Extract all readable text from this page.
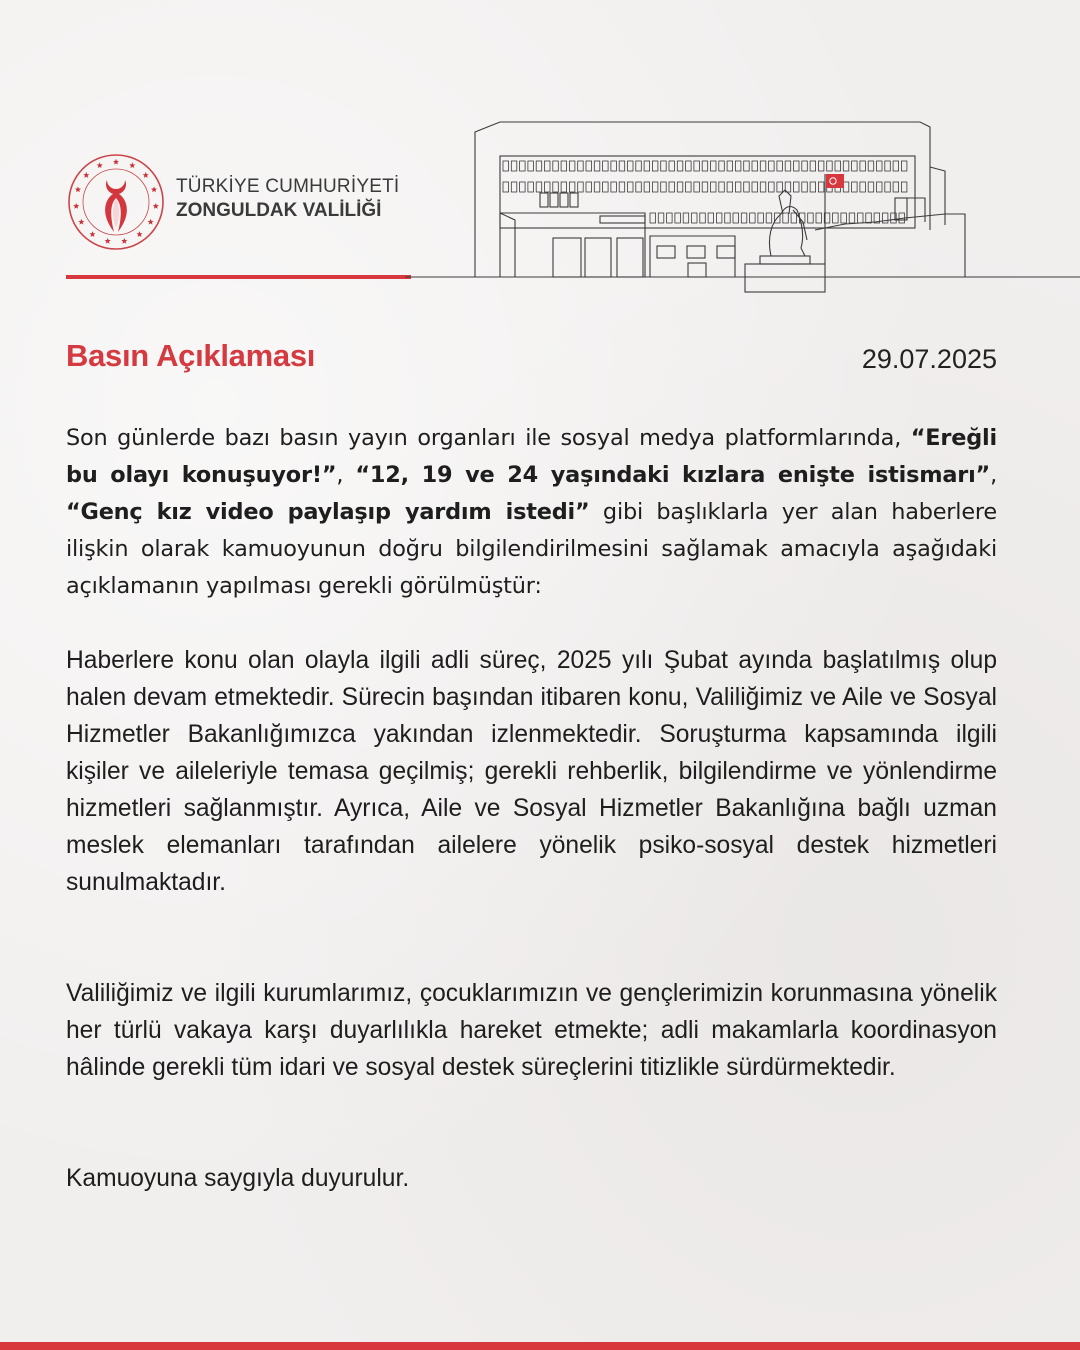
TÜRKİYE CUMHURİYETİ
ZONGULDAK VALİLİĞİ
Basın Açıklaması	29.07.2025
Son günlerde bazı basın yayın organları ile sosyal medya platformlarında, “Ereğli bu olayı konuşuyor!”, “12, 19 ve 24 yaşındaki kızlara enişte istismarı”, “Genç kız video paylaşıp yardım istedi” gibi başlıklarla yer alan haberlere ilişkin olarak kamuoyunun doğru bilgilendirilmesini sağlamak amacıyla aşağıdaki açıklamanın yapılması gerekli görülmüştür:
Haberlere konu olan olayla ilgili adli süreç, 2025 yılı Şubat ayında başlatılmış olup halen devam etmektedir. Sürecin başından itibaren konu, Valiliğimiz ve Aile ve Sosyal Hizmetler Bakanlığımızca yakından izlenmektedir. Soruşturma kapsamında ilgili kişiler ve aileleriyle temasa geçilmiş; gerekli rehberlik, bilgilendirme ve yönlendirme hizmetleri sağlanmıştır. Ayrıca, Aile ve Sosyal Hizmetler Bakanlığına bağlı uzman meslek elemanları tarafından ailelere yönelik psiko-sosyal destek hizmetleri sunulmaktadır.
Valiliğimiz ve ilgili kurumlarımız, çocuklarımızın ve gençlerimizin korunmasına yönelik her türlü vakaya karşı duyarlılıkla hareket etmekte; adli makamlarla koordinasyon hâlinde gerekli tüm idari ve sosyal destek süreçlerini titizlikle sürdürmektedir.
Kamuoyuna saygıyla duyurulur.
